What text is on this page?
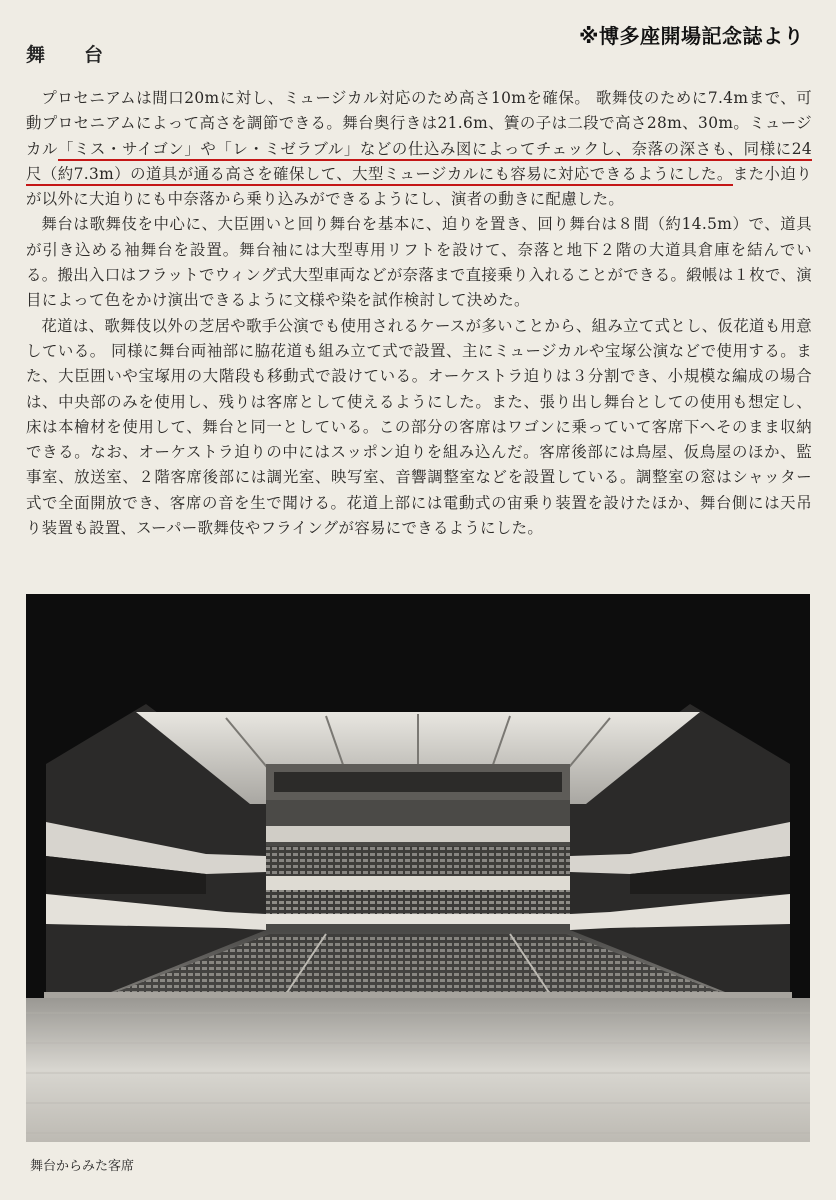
※博多座開場記念誌より
舞　台

プロセニアムは間口20mに対し、ミュージカル対応のため高さ10mを確保。 歌舞伎のために7.4mまで、可動プロセニアムによって高さを調節できる。舞台奥行きは21.6m、簀の子は二段で高さ28m、30m。ミュージカル「ミス・サイゴン」や「レ・ミゼラブル」などの仕込み図によってチェックし、奈落の深さも、同様に24尺（約7.3m）の道具が通る高さを確保して、大型ミュージカルにも容易に対応できるようにした。また小迫りが以外に大迫りにも中奈落から乗り込みができるようにし、演者の動きに配慮した。

舞台は歌舞伎を中心に、大臣囲いと回り舞台を基本に、迫りを置き、回り舞台は８間（約14.5m）で、道具が引き込める袖舞台を設置。舞台袖には大型専用リフトを設けて、奈落と地下２階の大道具倉庫を結んでいる。搬出入口はフラットでウィング式大型車両などが奈落まで直接乗り入れることができる。緞帳は１枚で、演目によって色をかけ演出できるように文様や染を試作検討して決めた。

花道は、歌舞伎以外の芝居や歌手公演でも使用されるケースが多いことから、組み立て式とし、仮花道も用意している。 同様に舞台両袖部に脇花道も組み立て式で設置、主にミュージカルや宝塚公演などで使用する。また、大臣囲いや宝塚用の大階段も移動式で設けている。オーケストラ迫りは３分割でき、小規模な編成の場合は、中央部のみを使用し、残りは客席として使えるようにした。また、張り出し舞台としての使用も想定し、床は本檜材を使用して、舞台と同一としている。この部分の客席はワゴンに乗っていて客席下へそのまま収納できる。なお、オーケストラ迫りの中にはスッポン迫りを組み込んだ。客席後部には鳥屋、仮鳥屋のほか、監事室、放送室、２階客席後部には調光室、映写室、音響調整室などを設置している。調整室の窓はシャッター式で全面開放でき、客席の音を生で聞ける。花道上部には電動式の宙乗り装置を設けたほか、舞台側には天吊り装置も設置、スーパー歌舞伎やフライングが容易にできるようにした。

舞台からみた客席
